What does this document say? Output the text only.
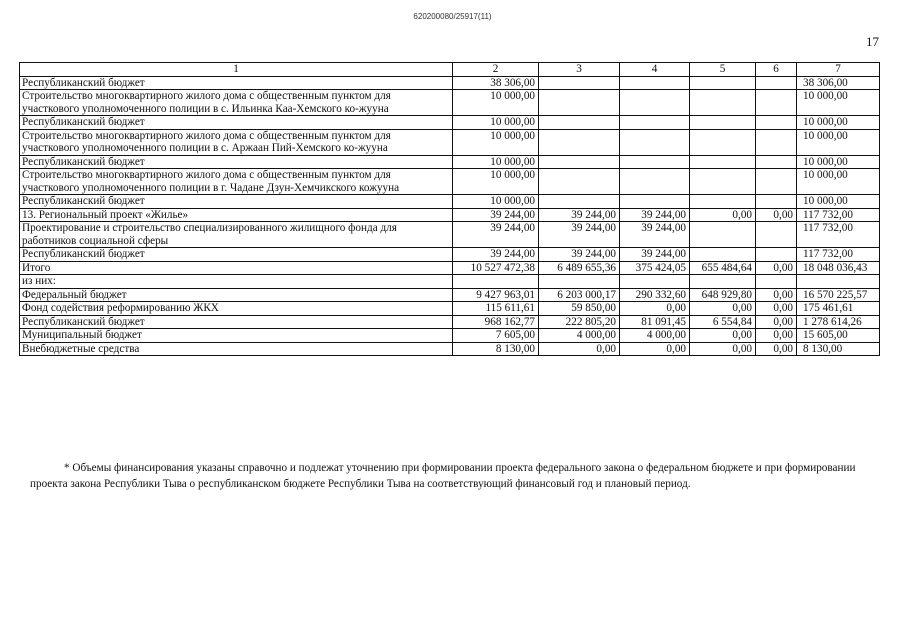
620200080/25917(11)
17
1	2	3	4	5	6	7
Республиканский бюджет	38 306,00					38 306,00
Строительство многоквартирного жилого дома с общественным пунктом для участкового уполномоченного полиции в с. Ильинка Каа-Хемского ко-жууна	10 000,00					10 000,00
Республиканский бюджет	10 000,00					10 000,00
Строительство многоквартирного жилого дома с общественным пунктом для участкового уполномоченного полиции в с. Аржаан Пий-Хемского ко-жууна	10 000,00					10 000,00
Республиканский бюджет	10 000,00					10 000,00
Строительство многоквартирного жилого дома с общественным пунктом для участкового уполномоченного полиции в г. Чадане Дзун-Хемчикского кожууна	10 000,00					10 000,00
Республиканский бюджет	10 000,00					10 000,00
13. Региональный проект «Жилье»	39 244,00	39 244,00	39 244,00	0,00	0,00	117 732,00
Проектирование и строительство специализированного жилищного фонда для работников социальной сферы	39 244,00	39 244,00	39 244,00			117 732,00
Республиканский бюджет	39 244,00	39 244,00	39 244,00			117 732,00
Итого	10 527 472,38	6 489 655,36	375 424,05	655 484,64	0,00	18 048 036,43
из них:						
Федеральный бюджет	9 427 963,01	6 203 000,17	290 332,60	648 929,80	0,00	16 570 225,57
Фонд содействия реформированию ЖКХ	115 611,61	59 850,00	0,00	0,00	0,00	175 461,61
Республиканский бюджет	968 162,77	222 805,20	81 091,45	6 554,84	0,00	1 278 614,26
Муниципальный бюджет	7 605,00	4 000,00	4 000,00	0,00	0,00	15 605,00
Внебюджетные средства	8 130,00	0,00	0,00	0,00	0,00	8 130,00
* Объемы финансирования указаны справочно и подлежат уточнению при формировании проекта федерального закона о федеральном бюджете и при формировании проекта закона Республики Тыва о республиканском бюджете Республики Тыва на соответствующий финансовый год и плановый период.
